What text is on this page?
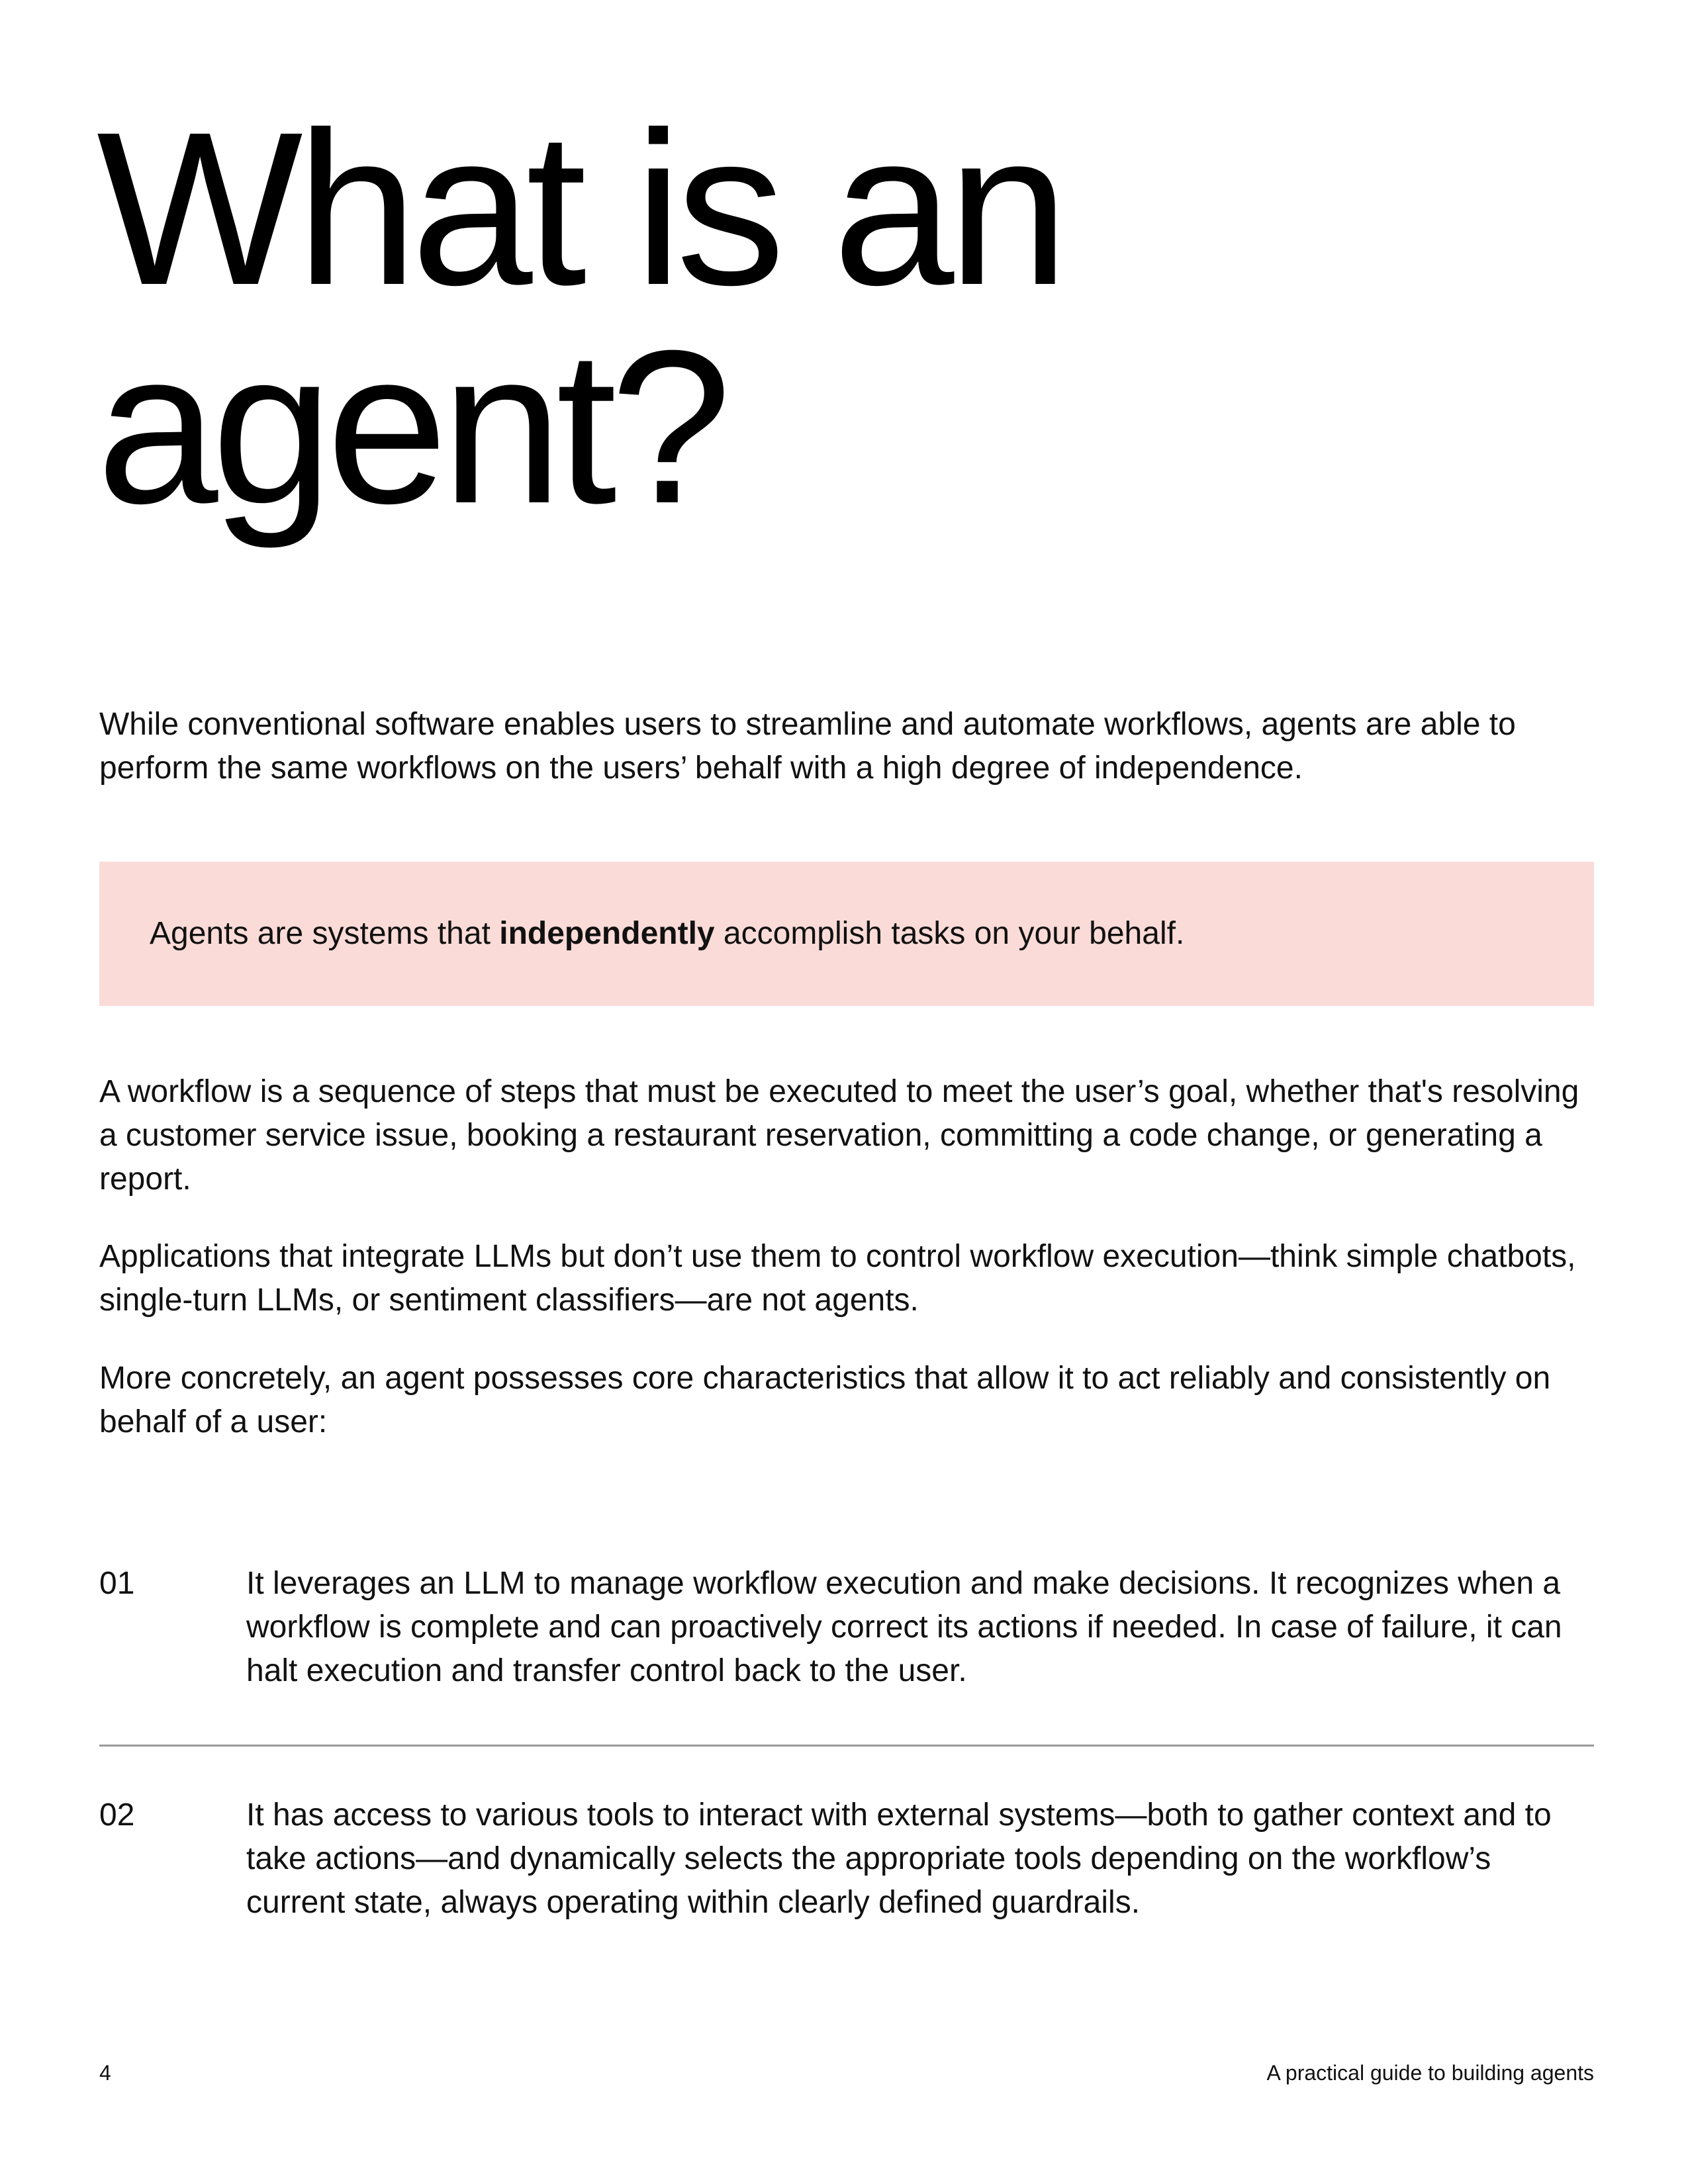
What is an
agent?

While conventional software enables users to streamline and automate workflows, agents are able to perform the same workflows on the users’ behalf with a high degree of independence.

Agents are systems that independently accomplish tasks on your behalf.

A workflow is a sequence of steps that must be executed to meet the user’s goal, whether that's resolving a customer service issue, booking a restaurant reservation, committing a code change, or generating a report.

Applications that integrate LLMs but don’t use them to control workflow execution—think simple chatbots, single-turn LLMs, or sentiment classifiers—are not agents.

More concretely, an agent possesses core characteristics that allow it to act reliably and consistently on behalf of a user:

01	It leverages an LLM to manage workflow execution and make decisions. It recognizes when a workflow is complete and can proactively correct its actions if needed. In case of failure, it can halt execution and transfer control back to the user.

02	It has access to various tools to interact with external systems—both to gather context and to take actions—and dynamically selects the appropriate tools depending on the workflow’s current state, always operating within clearly defined guardrails.

4	A practical guide to building agents
